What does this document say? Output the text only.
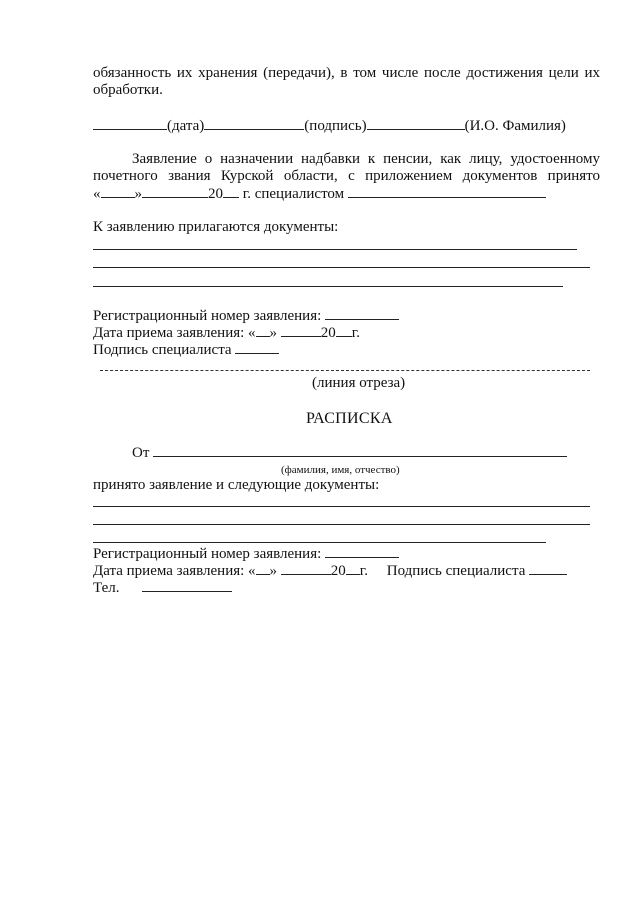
обязанность их хранения (передачи), в том числе после достижения цели их
обработки.
(дата)	(подпись)	(И.О. Фамилия)
Заявление о назначении надбавки к пенсии, как лицу, удостоенному
почетного звания Курской области, с приложением документов принято
« »	20 г. специалистом
К заявлению прилагаются документы:
Регистрационный номер заявления:
Дата приема заявления: « »	20 г.
Подпись специалиста
(линия отреза)
РАСПИСКА
От
(фамилия, имя, отчество)
принято заявление и следующие документы:
Регистрационный номер заявления:
Дата приема заявления: « »	20 г. Подпись специалиста
Тел.
